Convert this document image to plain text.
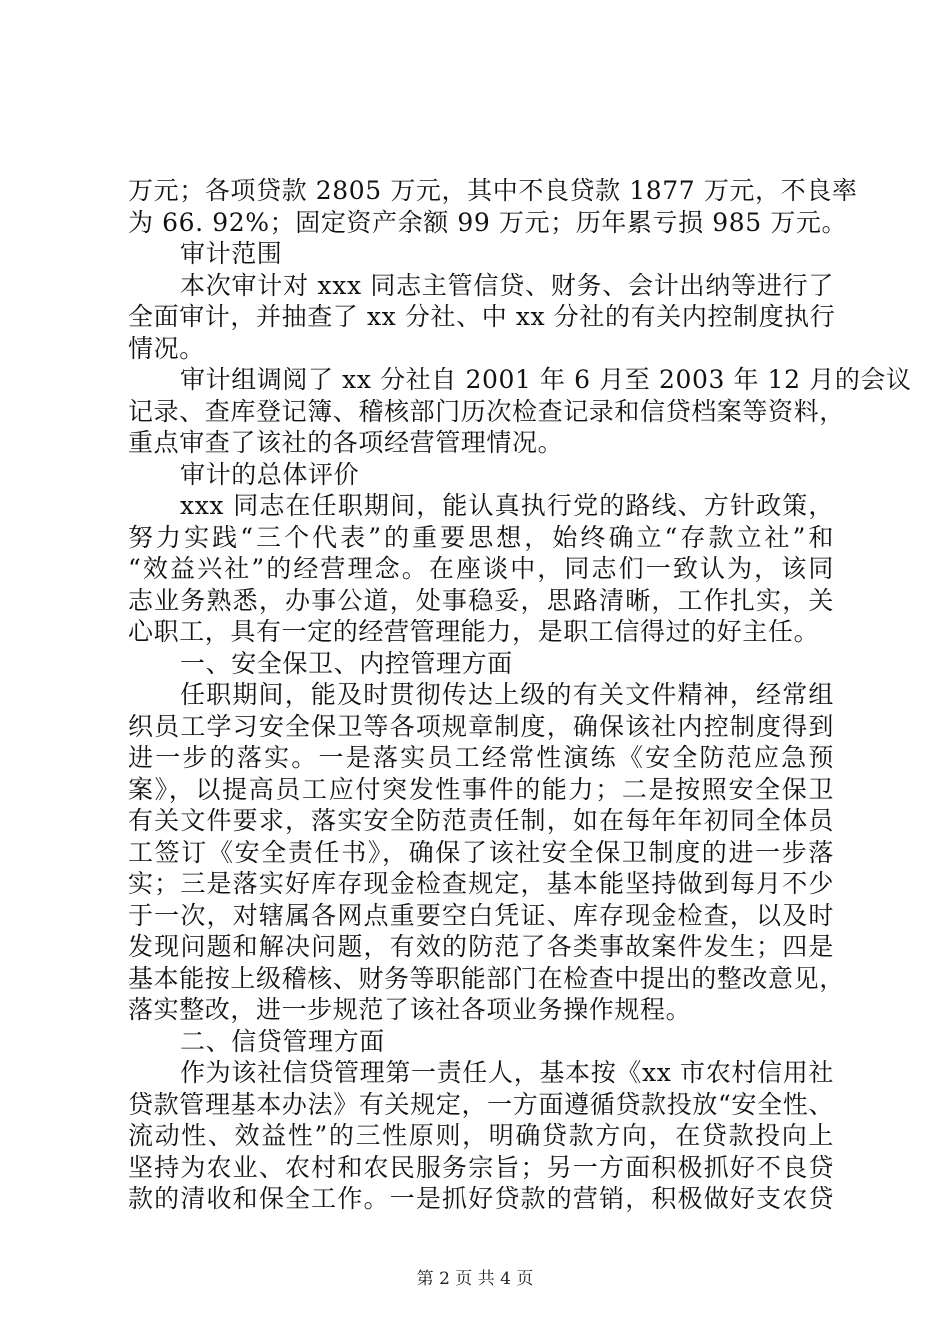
万元；各项贷款 2805 万元，其中不良贷款 1877 万元，不良率
为 66. 92%；固定资产余额 99 万元；历年累亏损 985 万元。
审计范围
本次审计对 xxx 同志主管信贷、财务、会计出纳等进行了
全面审计，并抽查了 xx 分社、中 xx 分社的有关内控制度执行
情况。
审计组调阅了 xx 分社自 2001 年 6 月至 2003 年 12 月的会议
记录、查库登记簿、稽核部门历次检查记录和信贷档案等资料，
重点审查了该社的各项经营管理情况。
审计的总体评价
xxx 同志在任职期间，能认真执行党的路线、方针政策，
努力实践“三个代表”的重要思想，始终确立“存款立社”和
“效益兴社”的经营理念。在座谈中，同志们一致认为，该同
志业务熟悉，办事公道，处事稳妥，思路清晰，工作扎实，关
心职工，具有一定的经营管理能力，是职工信得过的好主任。
一、安全保卫、内控管理方面
任职期间，能及时贯彻传达上级的有关文件精神，经常组
织员工学习安全保卫等各项规章制度，确保该社内控制度得到
进一步的落实。一是落实员工经常性演练《安全防范应急预
案》，以提高员工应付突发性事件的能力；二是按照安全保卫
有关文件要求，落实安全防范责任制，如在每年年初同全体员
工签订《安全责任书》，确保了该社安全保卫制度的进一步落
实；三是落实好库存现金检查规定，基本能坚持做到每月不少
于一次，对辖属各网点重要空白凭证、库存现金检查，以及时
发现问题和解决问题，有效的防范了各类事故案件发生；四是
基本能按上级稽核、财务等职能部门在检查中提出的整改意见，
落实整改，进一步规范了该社各项业务操作规程。
二、信贷管理方面
作为该社信贷管理第一责任人，基本按《xx 市农村信用社
贷款管理基本办法》有关规定，一方面遵循贷款投放“安全性、
流动性、效益性”的三性原则，明确贷款方向，在贷款投向上
坚持为农业、农村和农民服务宗旨；另一方面积极抓好不良贷
款的清收和保全工作。一是抓好贷款的营销，积极做好支农贷
第 2 页 共 4 页
